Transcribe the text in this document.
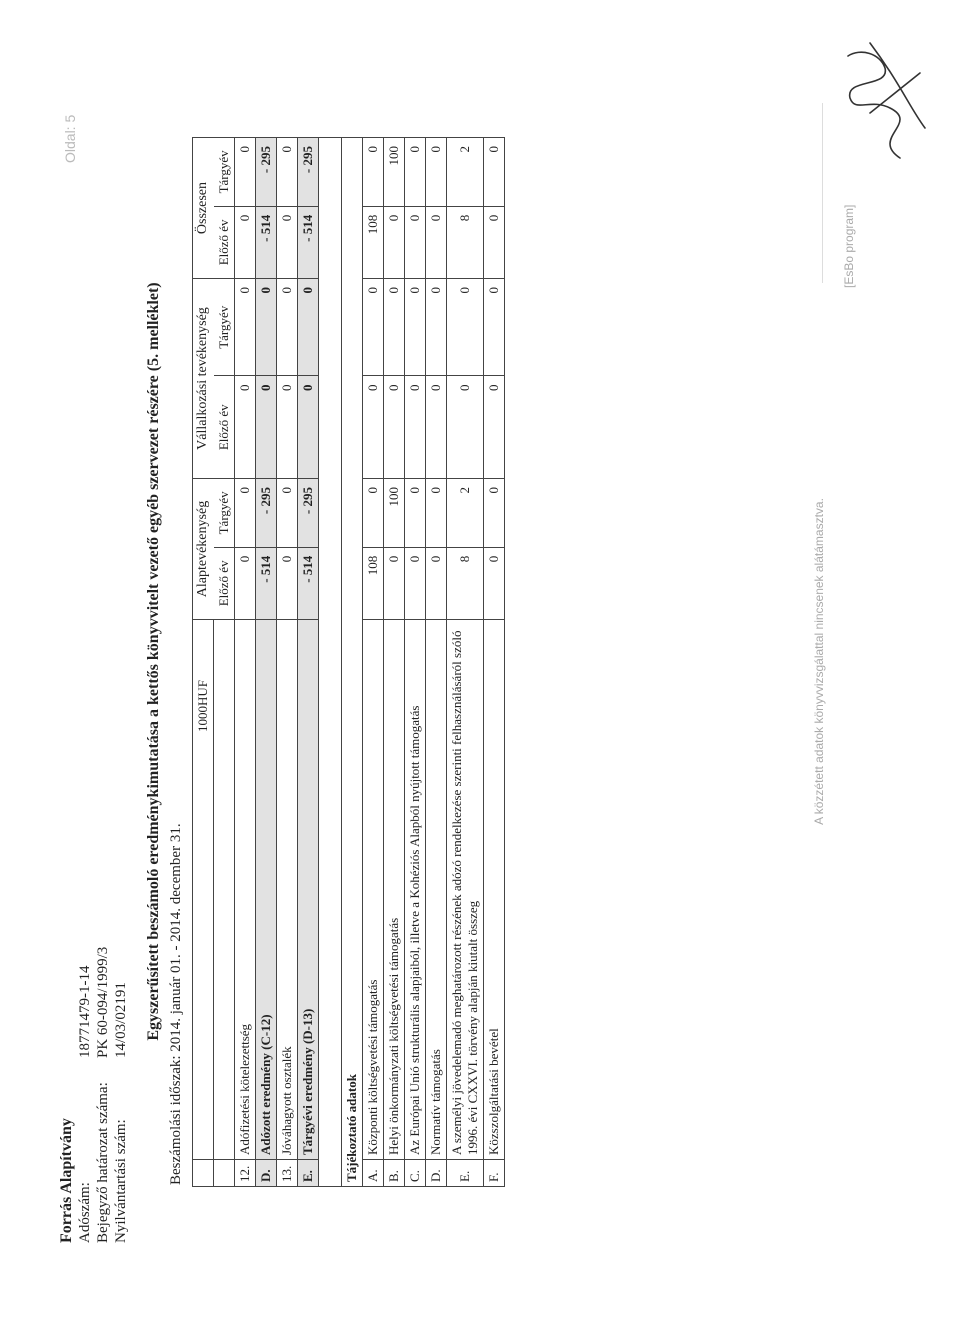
Forrás Alapítvány Adószám:	18771479-1-14
Bejegyző határozat száma:	PK 60-094/1999/3
Nyilvántartási szám:	14/03/02191
Oldal: 5
Egyszerűsített beszámoló eredménykimutatása a kettős könyvvitelt vezető egyéb szervezet részére (5. melléklet) Beszámolási időszak: 2014. január 01. - 2014. december 31.
	1000HUF	Alaptevékenység		Vállalkozási tevékenység		Összesen	
		Előző év	Tárgyév	Előző év	Tárgyév	Előző év	Tárgyév
12.	Adófizetési kötelezettség	0	0	0	0	0	0
D.	Adózott eredmény (C-12)	- 514	- 295	0	0	- 514	- 295
13.	Jóváhagyott osztalék	0	0	0	0	0	0
E.	Tárgyévi eredmény (D-13)	- 514	- 295	0	0	- 514	- 295

Tájékoztató adatok							
A.	Központi költségvetési támogatás	108	0	0	0	108	0
B.	Helyi önkormányzati költségvetési támogatás	0	100	0	0	0	100
C.	Az Európai Unió strukturális alapjaiból, illetve a Kohéziós Alapból nyújtott támogatás	0	0	0	0	0	0
D.	Normatív támogatás	0	0	0	0	0	0
E.	A személyi jövedelemadó meghatározott részének adózó rendelkezése szerinti felhasználásáról szóló 1996. évi CXXVI. törvény alapján kiutalt összeg	8	2	0	0	8	2
F.	Közszolgáltatási bevétel	0	0	0	0	0	0
A közzétett adatok könyvvizsgálattal nincsenek alátámasztva.
[EsBo program]
